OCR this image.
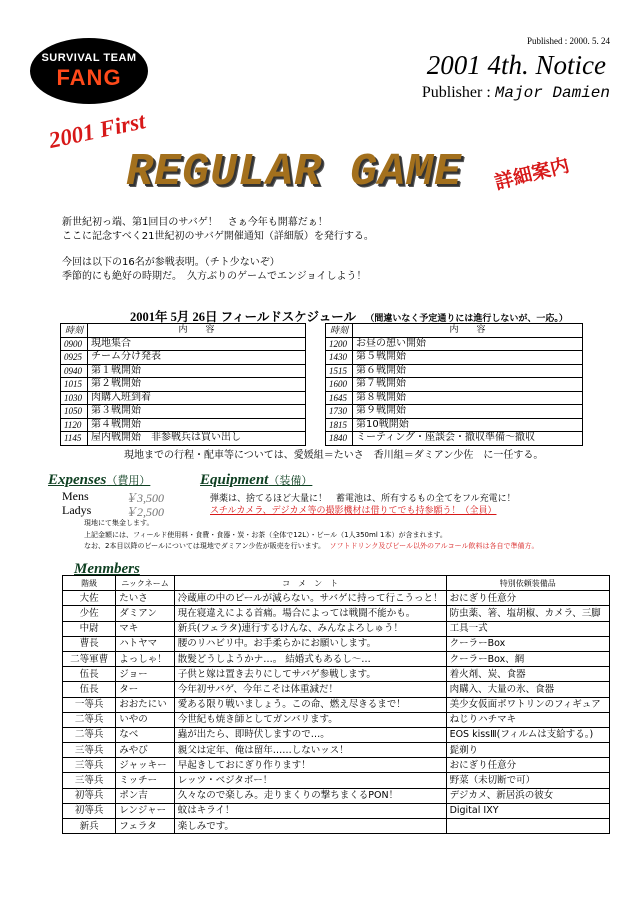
SURVIVAL TEAM
FANG
Published : 2000. 5. 24
2001 4th. Notice
Publisher : Major Damien
2001 First
REGULAR GAME 詳細案内
新世紀初っ端、第1回目のサバゲ！　さぁ今年も開幕だぁ！
ここに記念すべく21世紀初のサバゲ開催通知（詳細版）を発行する。
今回は以下の16名が参戦表明。（チト少ないぞ）
季節的にも絶好の時期だ。　久方ぶりのゲームでエンジョイしよう！
2001年 5月 26日 フィールドスケジュール （間違いなく予定通りには進行しないが、一応。）
時刻	内　　容
0900	現地集合
0925	チーム分け発表
0940	第１戦開始
1015	第２戦開始
1030	肉購入班到着
1050	第３戦開始
1120	第４戦開始
1145	屋内戦開始　非参戦兵は買い出し
時刻	内　　容
1200	お昼の憩い開始
1430	第５戦開始
1515	第６戦開始
1600	第７戦開始
1645	第８戦開始
1730	第９戦開始
1815	第10戦開始
1840	ミーティング・座談会・撤収準備～撤収
現地までの行程・配車等については、愛媛組＝たいさ　香川組＝ダミアン少佐　に一任する。
Expenses（費用）	Equipment（装備）
Mens	￥3,500
Ladys	￥2,500
弾薬は、捨てるほど大量に！　蓄電池は、所有するもの全てをフル充電に！
スチルカメラ、デジカメ等の撮影機材は借りてでも持参願う！（全員）
現地にて集金します。
上記金額には、フィールド使用料・食費・食器・炭・お茶（全体で12L）・ビール（1人350ml 1本）が含まれます。
なお、2本目以降のビールについては現地でダミアン少佐が販売を行います。 ソフトドリンク及びビール以外のアルコール飲料は各自で準備方。
Menmbers
階級	ニックネーム	コ　メ　ン　ト	特別依頼装備品
大佐	たいさ	冷蔵庫の中のビールが減らない。サバゲに持って行こうっと！	おにぎり任意分
少佐	ダミアン	現在寝違えによる首痛。場合によっては戦闘不能かも。	防虫薬、箸、塩胡椒、カメラ、三脚
中尉	マキ	新兵(フェラタ)連行するけんな、みんなよろしゅう！	工具一式
曹長	ハトヤマ	腰のリハビリ中。お手柔らかにお願いします。	クーラーBox
二等軍曹	よっしゃ！	散髪どうしようかナ…。 結婚式もあるし～…	クーラーBox、網
伍長	ジョー	子供と嫁は置き去りにしてサバゲ参戦します。	着火剤、炭、食器
伍長	ター	今年初サバゲ、今年こそは体重減だ！	肉購入、大量の氷、食器
一等兵	おおたにい	愛ある限り戦いましょう。この命、燃え尽きるまで！	美少女仮面ポワトリンのフィギュア
二等兵	いやの	今世紀も焼き師としてガンバリます。	ねじりハチマキ
二等兵	なべ	蟲が出たら、即時伏しますので…。	EOS kissⅢ(フィルムは支給する。)
三等兵	みやび	親父は定年、俺は留年……しないッス！	髭剃り
三等兵	ジャッキー	早起きしておにぎり作ります！	おにぎり任意分
三等兵	ミッチー	レッツ・ベジタボー！	野菜（未切断で可）
初等兵	ポン吉	久々なので楽しみ。走りまくりの撃ちまくるPON！	デジカメ、新居浜の彼女
初等兵	レンジャー	蚊はキライ！	Digital IXY
新兵	フェラタ	楽しみです。	
